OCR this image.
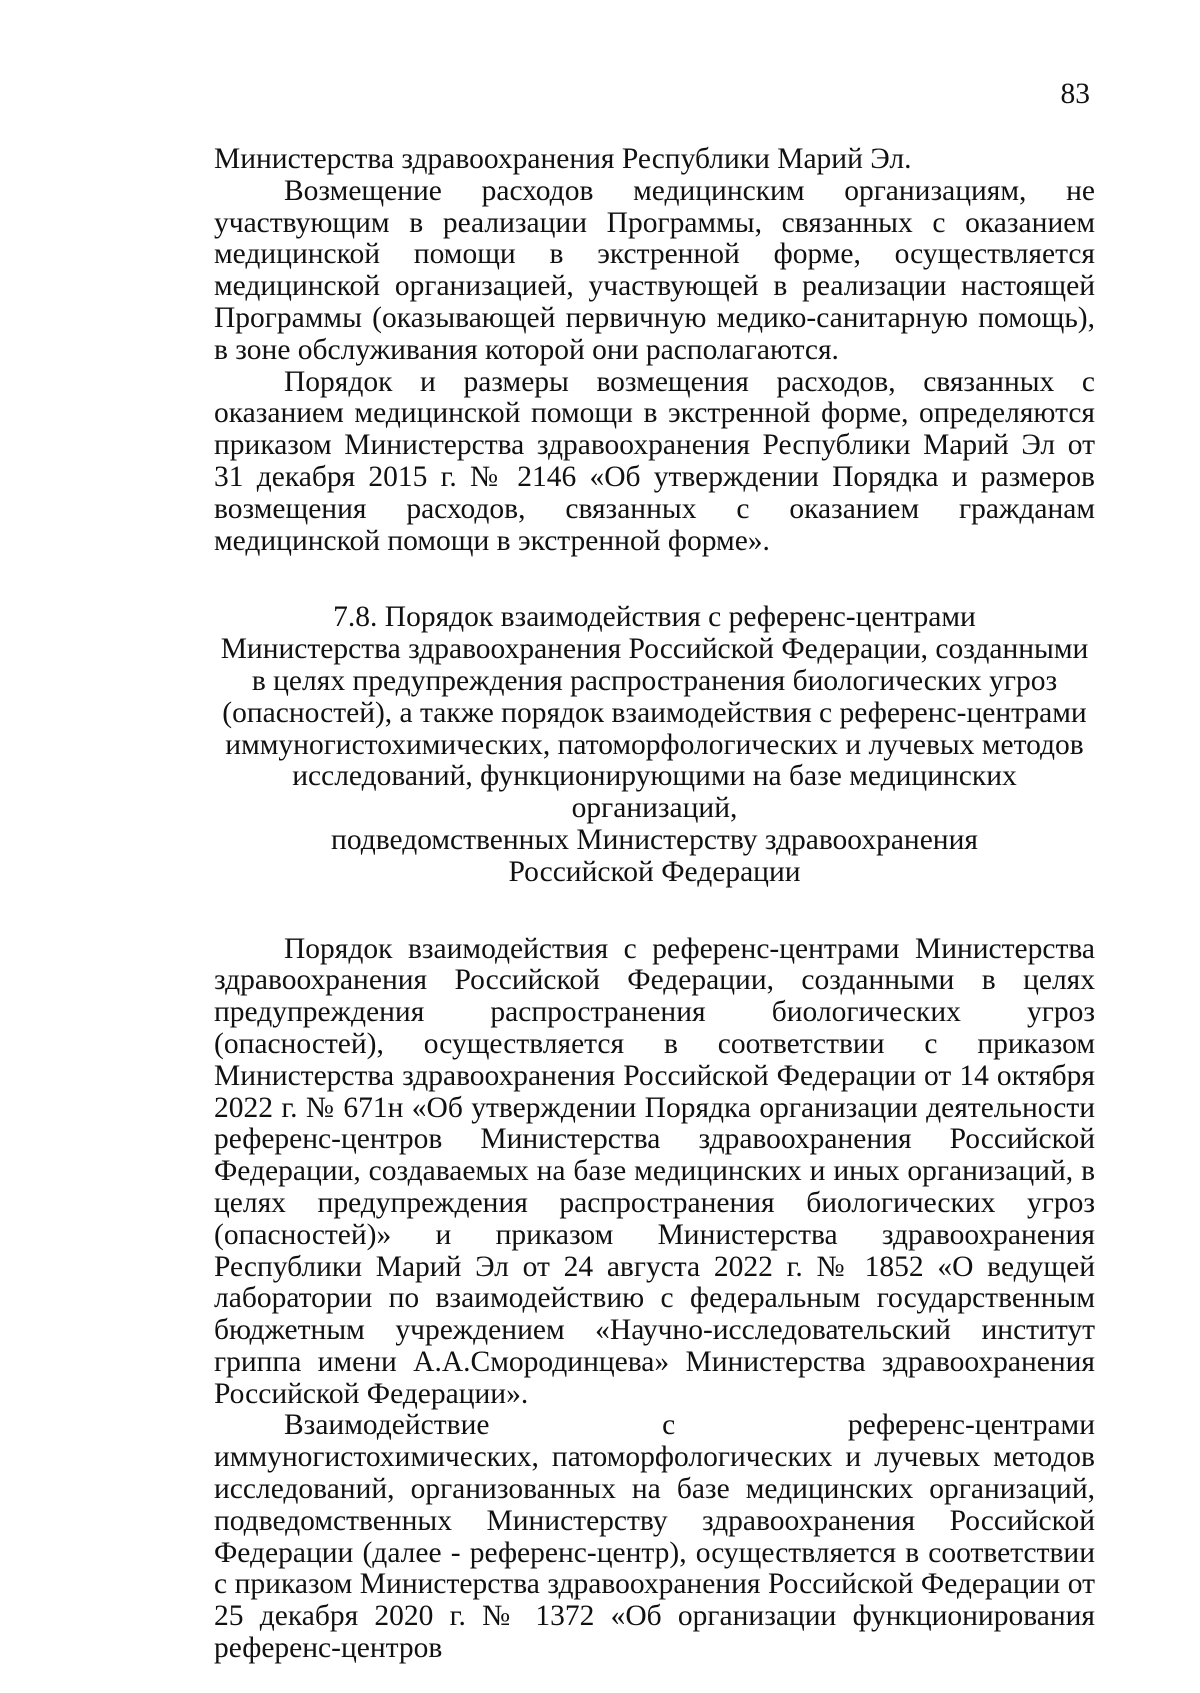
83

Министерства здравоохранения Республики Марий Эл.

Возмещение расходов медицинским организациям, не участвующим в реализации Программы, связанных с оказанием медицинской помощи в экстренной форме, осуществляется медицинской организацией, участвующей в реализации настоящей Программы (оказывающей первичную медико-санитарную помощь), в зоне обслуживания которой они располагаются.

Порядок и размеры возмещения расходов, связанных с оказанием медицинской помощи в экстренной форме, определяются приказом Министерства здравоохранения Республики Марий Эл от 31 декабря 2015 г. № 2146 «Об утверждении Порядка и размеров возмещения расходов, связанных с оказанием гражданам медицинской помощи в экстренной форме».

7.8. Порядок взаимодействия с референс-центрами
Министерства здравоохранения Российской Федерации, созданными
в целях предупреждения распространения биологических угроз
(опасностей), а также порядок взаимодействия с референс-центрами
иммуногистохимических, патоморфологических и лучевых методов
исследований, функционирующими на базе медицинских организаций,
подведомственных Министерству здравоохранения
Российской Федерации

Порядок взаимодействия с референс-центрами Министерства здравоохранения Российской Федерации, созданными в целях предупреждения распространения биологических угроз (опасностей), осуществляется в соответствии с приказом Министерства здравоохранения Российской Федерации от 14 октября 2022 г. № 671н «Об утверждении Порядка организации деятельности референс-центров Министерства здравоохранения Российской Федерации, создаваемых на базе медицинских и иных организаций, в целях предупреждения распространения биологических угроз (опасностей)» и приказом Министерства здравоохранения Республики Марий Эл от 24 августа 2022 г. № 1852 «О ведущей лаборатории по взаимодействию с федеральным государственным бюджетным учреждением «Научно-исследовательский институт гриппа имени А.А.Смородинцева» Министерства здравоохранения Российской Федерации».

Взаимодействие с референс-центрами иммуногистохимических, патоморфологических и лучевых методов исследований, организованных на базе медицинских организаций, подведомственных Министерству здравоохранения Российской Федерации (далее - референс-центр), осуществляется в соответствии с приказом Министерства здравоохранения Российской Федерации от 25 декабря 2020 г. № 1372 «Об организации функционирования референс-центров
